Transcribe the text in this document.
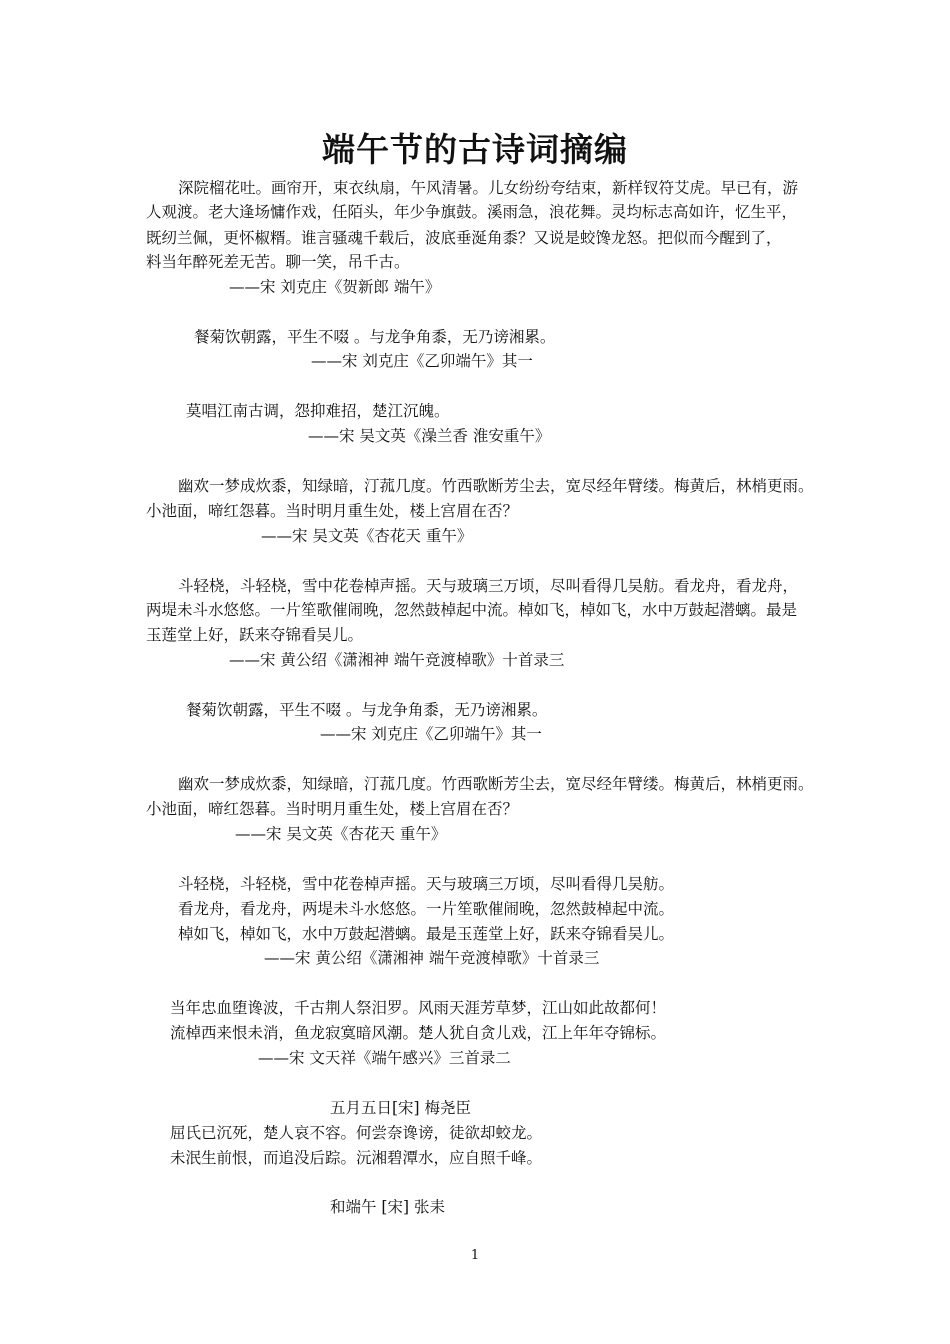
端午节的古诗词摘编
深院榴花吐。画帘开，束衣纨扇，午风清暑。儿女纷纷夸结束，新样钗符艾虎。早已有，游
人观渡。老大逢场慵作戏，任陌头，年少争旗鼓。溪雨急，浪花舞。灵均标志高如许，忆生平，
既纫兰佩，更怀椒糈。谁言骚魂千载后，波底垂涎角黍？又说是蛟馋龙怒。把似而今醒到了，
料当年醉死差无苦。聊一笑，吊千古。
——宋 刘克庄《贺新郎 端午》
餐菊饮朝露，平生不啜 。与龙争角黍，无乃谤湘累。
——宋 刘克庄《乙卯端午》其一
莫唱江南古调，怨抑难招，楚江沉魄。
——宋 吴文英《澡兰香 淮安重午》
幽欢一梦成炊黍，知绿暗，汀菰几度。竹西歌断芳尘去，宽尽经年臂缕。梅黄后，林梢更雨。
小池面，啼红怨暮。当时明月重生处，楼上宫眉在否？
——宋 吴文英《杏花天 重午》
斗轻桡，斗轻桡，雪中花卷棹声摇。天与玻璃三万顷，尽叫看得几吴舫。看龙舟，看龙舟，
两堤未斗水悠悠。一片笙歌催闹晚，忽然鼓棹起中流。棹如飞，棹如飞，水中万鼓起潜螭。最是
玉莲堂上好，跃来夺锦看吴儿。
——宋 黄公绍《潇湘神 端午竞渡棹歌》十首录三
餐菊饮朝露，平生不啜 。与龙争角黍，无乃谤湘累。
——宋 刘克庄《乙卯端午》其一
幽欢一梦成炊黍，知绿暗，汀菰几度。竹西歌断芳尘去，宽尽经年臂缕。梅黄后，林梢更雨。
小池面，啼红怨暮。当时明月重生处，楼上宫眉在否？
——宋 吴文英《杏花天 重午》
斗轻桡，斗轻桡，雪中花卷棹声摇。天与玻璃三万顷，尽叫看得几吴舫。
看龙舟，看龙舟，两堤未斗水悠悠。一片笙歌催闹晚，忽然鼓棹起中流。
棹如飞，棹如飞，水中万鼓起潜螭。最是玉莲堂上好，跃来夺锦看吴儿。
——宋 黄公绍《潇湘神 端午竞渡棹歌》十首录三
当年忠血堕谗波，千古荆人祭汨罗。风雨天涯芳草梦，江山如此故都何！
流棹西来恨未消，鱼龙寂寞暗风潮。楚人犹自贪儿戏，江上年年夺锦标。
——宋 文天祥《端午感兴》三首录二
五月五日[宋] 梅尧臣
屈氏已沉死，楚人哀不容。何尝奈谗谤，徒欲却蛟龙。
未泯生前恨，而追没后踪。沅湘碧潭水，应自照千峰。
和端午 [宋] 张耒
1
